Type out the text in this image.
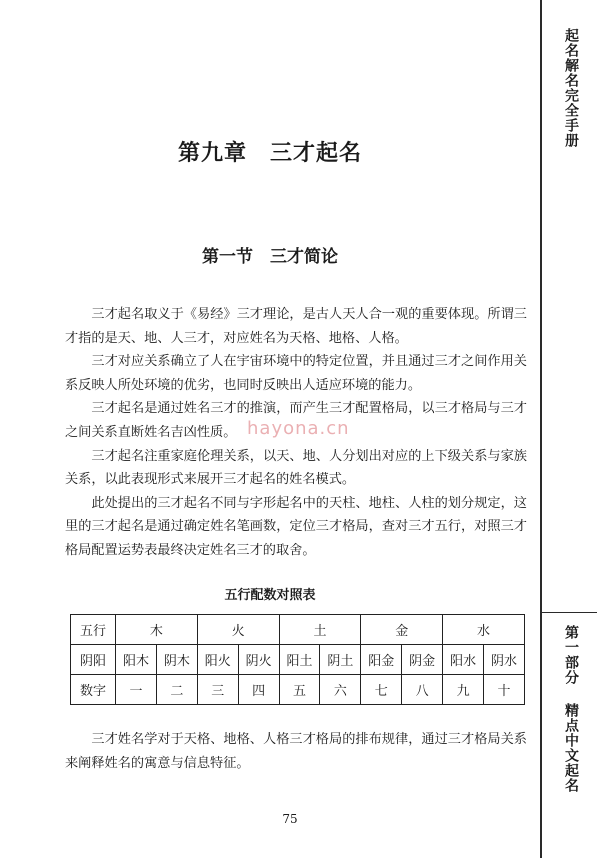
起名解名完全手册
第一部分
精点中文起名
第九章　三才起名
第一节　三才简论

三才起名取义于《易经》三才理论，是古人天人合一观的重要体现。所谓三才指的是天、地、人三才，对应姓名为天格、地格、人格。

三才对应关系确立了人在宇宙环境中的特定位置，并且通过三才之间作用关系反映人所处环境的优劣，也同时反映出人适应环境的能力。

三才起名是通过姓名三才的推演，而产生三才配置格局，以三才格局与三才之间关系直断姓名吉凶性质。

三才起名注重家庭伦理关系，以天、地、人分划出对应的上下级关系与家族关系，以此表现形式来展开三才起名的姓名模式。

此处提出的三才起名不同与字形起名中的天柱、地柱、人柱的划分规定，这里的三才起名是通过确定姓名笔画数，定位三才格局，查对三才五行，对照三才格局配置运势表最终决定姓名三才的取舍。

hayona.cn
五行配数对照表
五行	木		火		土		金		水	
阴阳	阳木	阴木	阳火	阴火	阳土	阴土	阳金	阴金	阳水	阴水
数字	一	二	三	四	五	六	七	八	九	十

三才姓名学对于天格、地格、人格三才格局的排布规律，通过三才格局关系来阐释姓名的寓意与信息特征。

75
